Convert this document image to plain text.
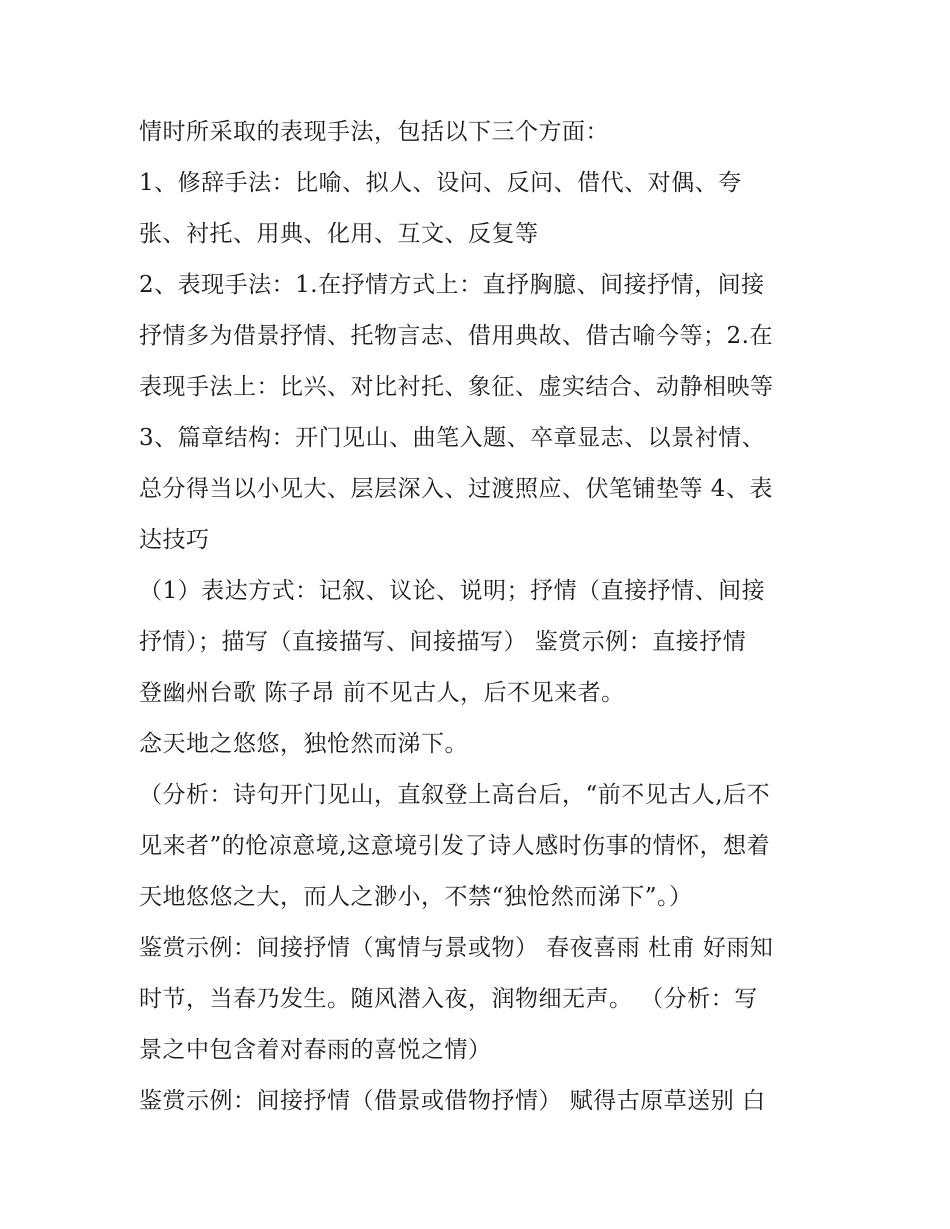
情时所采取的表现手法，包括以下三个方面：
1、修辞手法：比喻、拟人、设问、反问、借代、对偶、夸
张、衬托、用典、化用、互文、反复等
2、表现手法：1.在抒情方式上：直抒胸臆、间接抒情，间接
抒情多为借景抒情、托物言志、借用典故、借古喻今等；2.在
表现手法上：比兴、对比衬托、象征、虚实结合、动静相映等
3、篇章结构：开门见山、曲笔入题、卒章显志、以景衬情、
总分得当以小见大、层层深入、过渡照应、伏笔铺垫等 4、表
达技巧
（1）表达方式：记叙、议论、说明；抒情（直接抒情、间接
抒情）；描写（直接描写、间接描写） 鉴赏示例：直接抒情
登幽州台歌 陈子昂 前不见古人，后不见来者。
念天地之悠悠，独怆然而涕下。
（分析：诗句开门见山，直叙登上高台后，“前不见古人,后不
见来者”的怆凉意境,这意境引发了诗人感时伤事的情怀，想着
天地悠悠之大，而人之渺小，不禁“独怆然而涕下”。）
鉴赏示例：间接抒情（寓情与景或物） 春夜喜雨 杜甫 好雨知
时节，当春乃发生。随风潜入夜，润物细无声。 （分析：写
景之中包含着对春雨的喜悦之情）
鉴赏示例：间接抒情（借景或借物抒情） 赋得古原草送别 白
